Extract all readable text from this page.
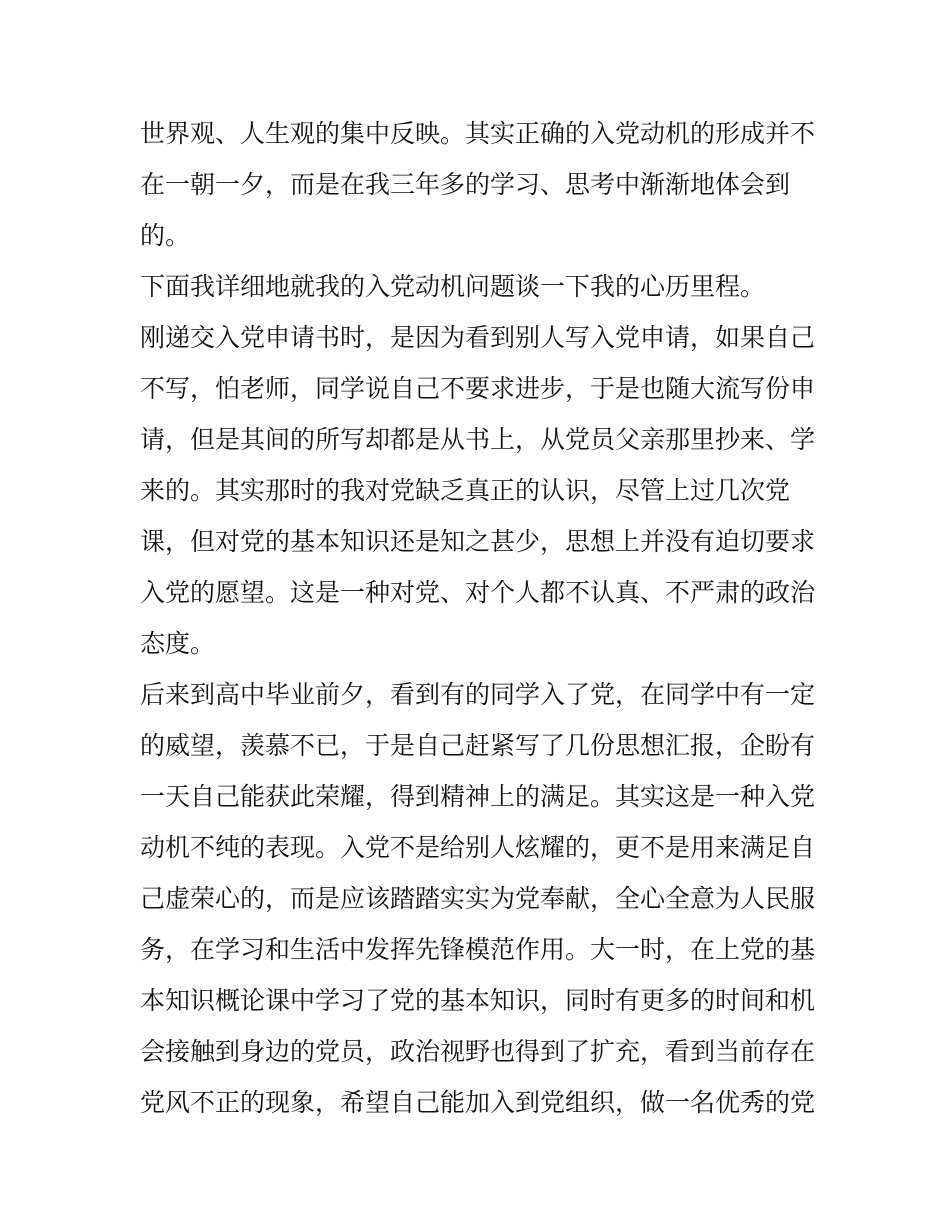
世界观、人生观的集中反映。其实正确的入党动机的形成并不
在一朝一夕，而是在我三年多的学习、思考中渐渐地体会到
的。
下面我详细地就我的入党动机问题谈一下我的心历里程。
刚递交入党申请书时，是因为看到别人写入党申请，如果自己
不写，怕老师，同学说自己不要求进步，于是也随大流写份申
请，但是其间的所写却都是从书上，从党员父亲那里抄来、学
来的。其实那时的我对党缺乏真正的认识，尽管上过几次党
课，但对党的基本知识还是知之甚少，思想上并没有迫切要求
入党的愿望。这是一种对党、对个人都不认真、不严肃的政治
态度。
后来到高中毕业前夕，看到有的同学入了党，在同学中有一定
的威望，羡慕不已，于是自己赶紧写了几份思想汇报，企盼有
一天自己能获此荣耀，得到精神上的满足。其实这是一种入党
动机不纯的表现。入党不是给别人炫耀的，更不是用来满足自
己虚荣心的，而是应该踏踏实实为党奉献，全心全意为人民服
务，在学习和生活中发挥先锋模范作用。大一时，在上党的基
本知识概论课中学习了党的基本知识，同时有更多的时间和机
会接触到身边的党员，政治视野也得到了扩充，看到当前存在
党风不正的现象，希望自己能加入到党组织，做一名优秀的党
